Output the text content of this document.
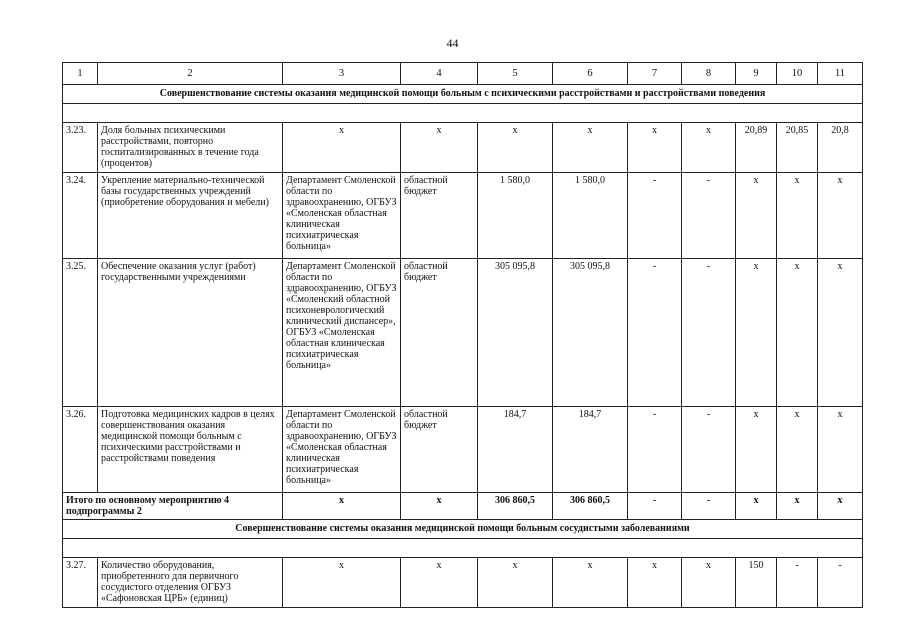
44
1	2	3	4	5	6	7	8	9	10	11
Совершенствование системы оказания медицинской помощи больным с психическими расстройствами и расстройствами поведения										

3.23.	Доля больных психическими расстройствами, повторно госпитализированных в течение года (процентов)	х	х	х	х	х	х	20,89	20,85	20,8
3.24.	Укрепление материально-технической базы государственных учреждений (приобретение оборудования и мебели)	Департамент Смоленской области по здравоохранению, ОГБУЗ «Смоленская областная клиническая психиатрическая больница»	областной бюджет	1 580,0	1 580,0	-	-	х	х	х
3.25.	Обеспечение оказания услуг (работ) государственными учреждениями	Департамент Смоленской области по здравоохранению, ОГБУЗ «Смоленский областной психоневрологический клинический диспансер», ОГБУЗ «Смоленская областная клиническая психиатрическая больница»	областной бюджет	305 095,8	305 095,8	-	-	х	х	х
3.26.	Подготовка медицинских кадров в целях совершенствования оказания медицинской помощи больным с психическими расстройствами и расстройствами поведения	Департамент Смоленской области по здравоохранению, ОГБУЗ «Смоленская областная клиническая психиатрическая больница»	областной бюджет	184,7	184,7	-	-	х	х	х
Итого по основному мероприятию 4 подпрограммы 2		х	х	306 860,5	306 860,5	-	-	х	х	х
Совершенствование системы оказания медицинской помощи больным сосудистыми заболеваниями										

3.27.	Количество оборудования, приобретенного для первичного сосудистого отделения ОГБУЗ «Сафоновская ЦРБ» (единиц)	х	х	х	х	х	х	150	-	-
